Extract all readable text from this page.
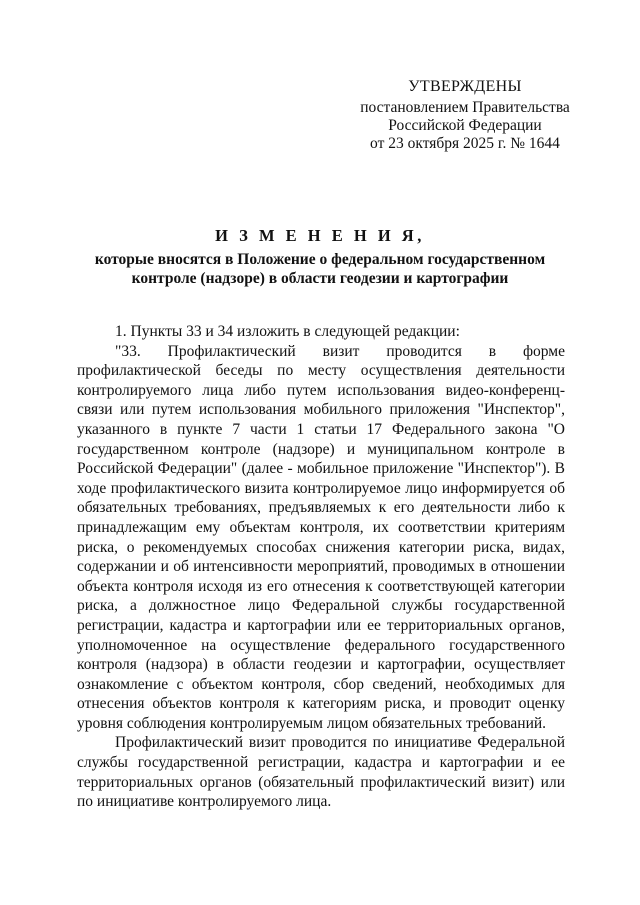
УТВЕРЖДЕНЫ
постановлением Правительства
Российской Федерации
от 23 октября 2025 г. № 1644
И З М Е Н Е Н И Я,
которые вносятся в Положение о федеральном государственном
контроле (надзоре) в области геодезии и картографии

1. Пункты 33 и 34 изложить в следующей редакции:

"33. Профилактический визит проводится в форме профилактической беседы по месту осуществления деятельности контролируемого лица либо путем использования видео-конференц-связи или путем использования мобильного приложения "Инспектор", указанного в пункте 7 части 1 статьи 17 Федерального закона "О государственном контроле (надзоре) и муниципальном контроле в Российской Федерации" (далее - мобильное приложение "Инспектор"). В ходе профилактического визита контролируемое лицо информируется об обязательных требованиях, предъявляемых к его деятельности либо к принадлежащим ему объектам контроля, их соответствии критериям риска, о рекомендуемых способах снижения категории риска, видах, содержании и об интенсивности мероприятий, проводимых в отношении объекта контроля исходя из его отнесения к соответствующей категории риска, а должностное лицо Федеральной службы государственной регистрации, кадастра и картографии или ее территориальных органов, уполномоченное на осуществление федерального государственного контроля (надзора) в области геодезии и картографии, осуществляет ознакомление с объектом контроля, сбор сведений, необходимых для отнесения объектов контроля к категориям риска, и проводит оценку уровня соблюдения контролируемым лицом обязательных требований.

Профилактический визит проводится по инициативе Федеральной службы государственной регистрации, кадастра и картографии и ее территориальных органов (обязательный профилактический визит) или по инициативе контролируемого лица.
